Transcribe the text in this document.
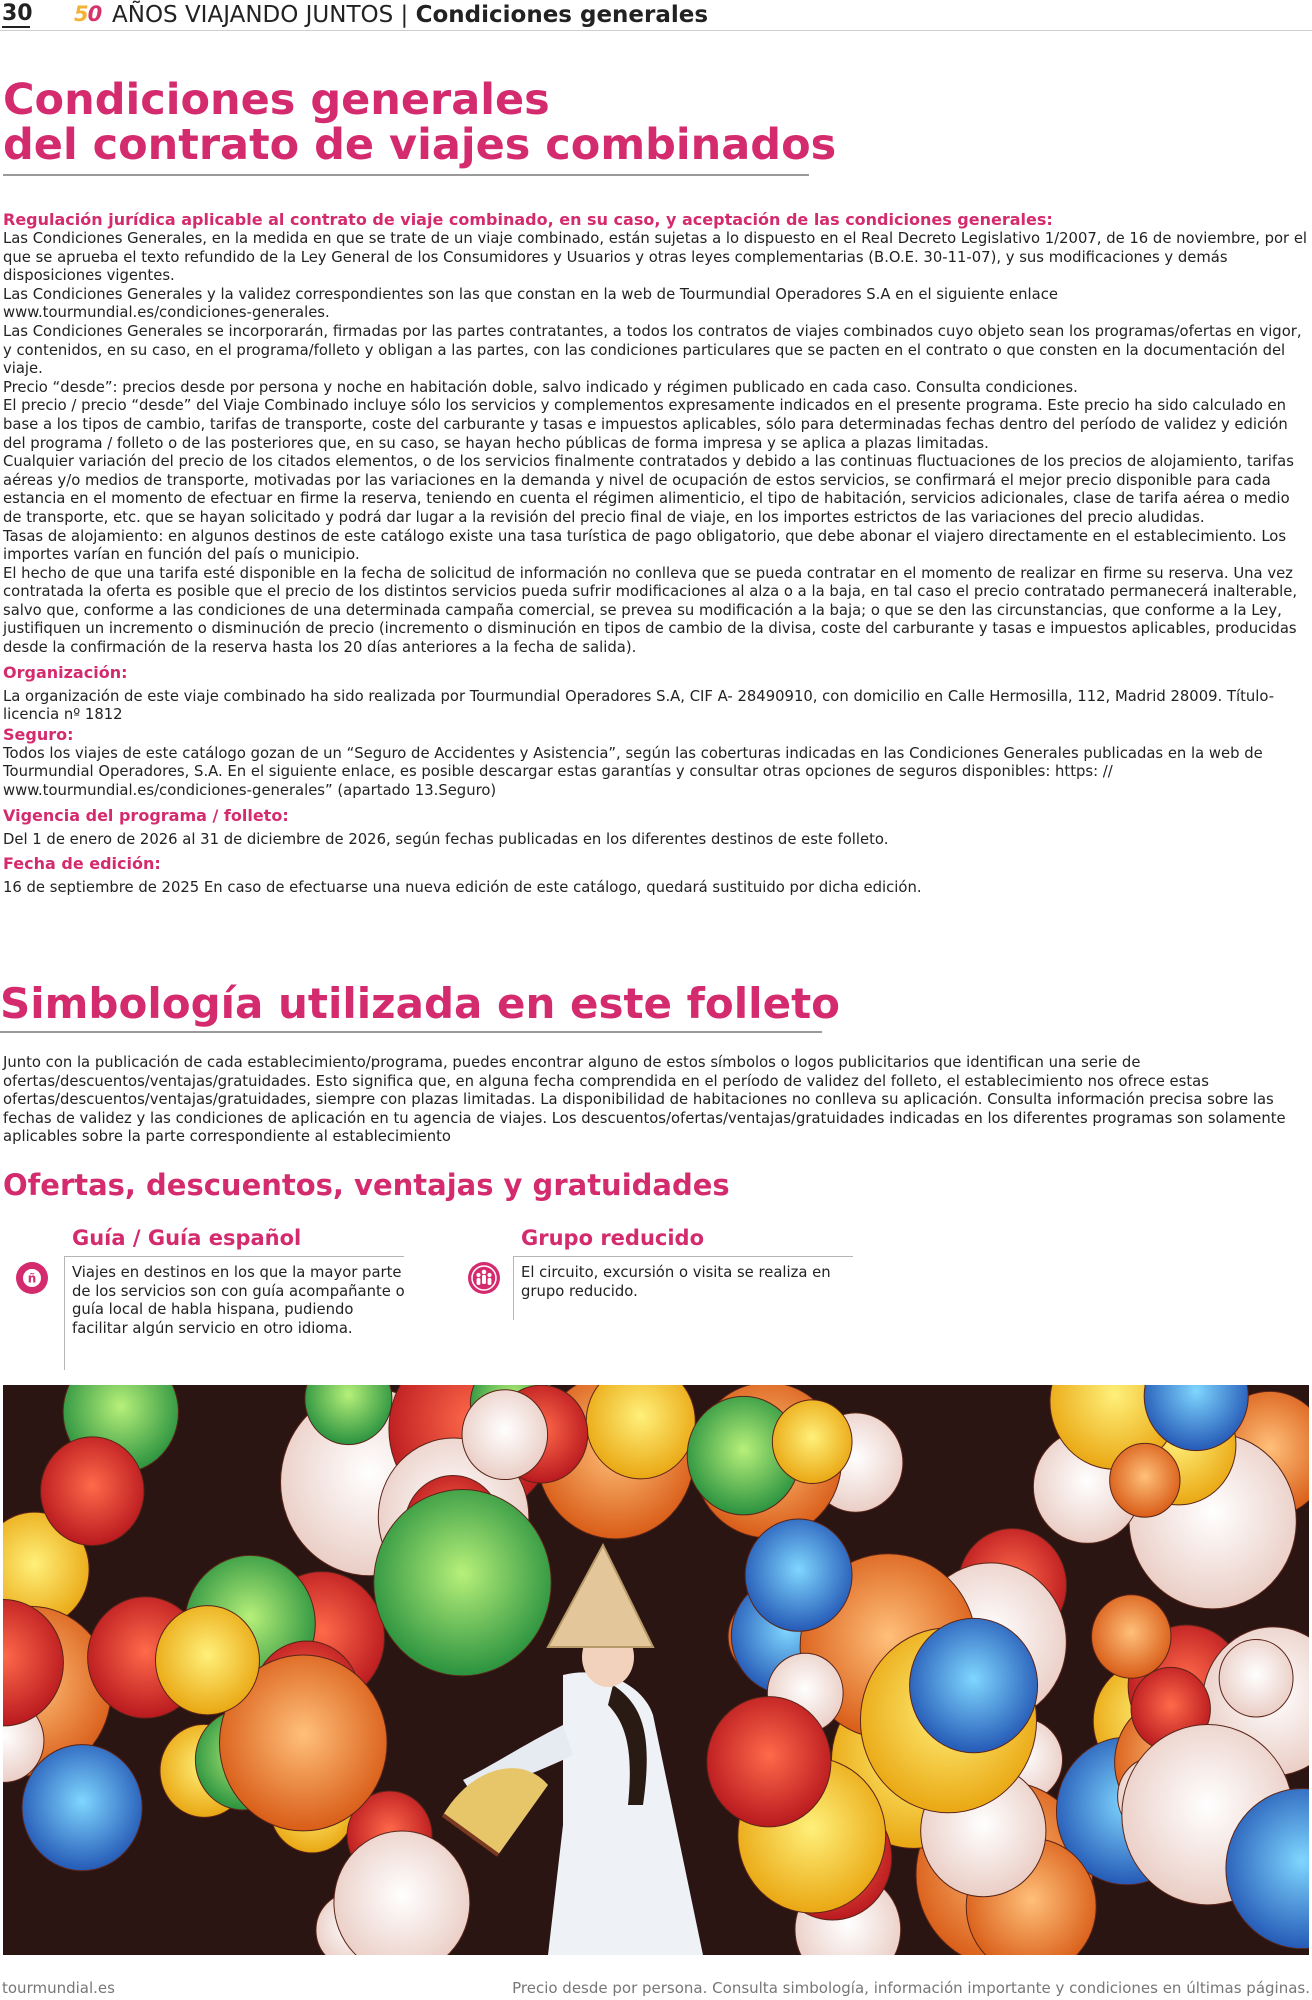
30 50 AÑOS VIAJANDO JUNTOS | Condiciones generales
Condiciones generales
del contrato de viajes combinados

Regulación jurídica aplicable al contrato de viaje combinado, en su caso, y aceptación de las condiciones generales:

Las Condiciones Generales, en la medida en que se trate de un viaje combinado, están sujetas a lo dispuesto en el Real Decreto Legislativo 1/2007, de 16 de noviembre, por el que se aprueba el texto refundido de la Ley General de los Consumidores y Usuarios y otras leyes complementarias (B.O.E. 30-11-07), y sus modificaciones y demás disposiciones vigentes.

Las Condiciones Generales y la validez correspondientes son las que constan en la web de Tourmundial Operadores S.A en el siguiente enlace www.tourmundial.es/condiciones-generales.

Las Condiciones Generales se incorporarán, firmadas por las partes contratantes, a todos los contratos de viajes combinados cuyo objeto sean los programas/ofertas en vigor, y contenidos, en su caso, en el programa/folleto y obligan a las partes, con las condiciones particulares que se pacten en el contrato o que consten en la documentación del viaje.

Precio “desde”: precios desde por persona y noche en habitación doble, salvo indicado y régimen publicado en cada caso. Consulta condiciones.

El precio / precio “desde” del Viaje Combinado incluye sólo los servicios y complementos expresamente indicados en el presente programa. Este precio ha sido calculado en base a los tipos de cambio, tarifas de transporte, coste del carburante y tasas e impuestos aplicables, sólo para determinadas fechas dentro del período de validez y edición del programa / folleto o de las posteriores que, en su caso, se hayan hecho públicas de forma impresa y se aplica a plazas limitadas.

Cualquier variación del precio de los citados elementos, o de los servicios finalmente contratados y debido a las continuas fluctuaciones de los precios de alojamiento, tarifas aéreas y/o medios de transporte, motivadas por las variaciones en la demanda y nivel de ocupación de estos servicios, se confirmará el mejor precio disponible para cada estancia en el momento de efectuar en firme la reserva, teniendo en cuenta el régimen alimenticio, el tipo de habitación, servicios adicionales, clase de tarifa aérea o medio de transporte, etc. que se hayan solicitado y podrá dar lugar a la revisión del precio final de viaje, en los importes estrictos de las variaciones del precio aludidas.

Tasas de alojamiento: en algunos destinos de este catálogo existe una tasa turística de pago obligatorio, que debe abonar el viajero directamente en el establecimiento. Los importes varían en función del país o municipio.

El hecho de que una tarifa esté disponible en la fecha de solicitud de información no conlleva que se pueda contratar en el momento de realizar en firme su reserva. Una vez contratada la oferta es posible que el precio de los distintos servicios pueda sufrir modificaciones al alza o a la baja, en tal caso el precio contratado permanecerá inalterable, salvo que, conforme a las condiciones de una determinada campaña comercial, se prevea su modificación a la baja; o que se den las circunstancias, que conforme a la Ley, justifiquen un incremento o disminución de precio (incremento o disminución en tipos de cambio de la divisa, coste del carburante y tasas e impuestos aplicables, producidas desde la confirmación de la reserva hasta los 20 días anteriores a la fecha de salida).

Organización:

La organización de este viaje combinado ha sido realizada por Tourmundial Operadores S.A, CIF A- 28490910, con domicilio en Calle Hermosilla, 112, Madrid 28009. Título-licencia nº 1812

Seguro:

Todos los viajes de este catálogo gozan de un “Seguro de Accidentes y Asistencia”, según las coberturas indicadas en las Condiciones Generales publicadas en la web de Tourmundial Operadores, S.A. En el siguiente enlace, es posible descargar estas garantías y consultar otras opciones de seguros disponibles: https: // www.tourmundial.es/condiciones-generales” (apartado 13.Seguro)

Vigencia del programa / folleto:

Del 1 de enero de 2026 al 31 de diciembre de 2026, según fechas publicadas en los diferentes destinos de este folleto.

Fecha de edición:

16 de septiembre de 2025 En caso de efectuarse una nueva edición de este catálogo, quedará sustituido por dicha edición.

Simbología utilizada en este folleto

Junto con la publicación de cada establecimiento/programa, puedes encontrar alguno de estos símbolos o logos publicitarios que identifican una serie de ofertas/descuentos/ventajas/gratuidades. Esto significa que, en alguna fecha comprendida en el período de validez del folleto, el establecimiento nos ofrece estas ofertas/descuentos/ventajas/gratuidades, siempre con plazas limitadas. La disponibilidad de habitaciones no conlleva su aplicación. Consulta información precisa sobre las fechas de validez y las condiciones de aplicación en tu agencia de viajes. Los descuentos/ofertas/ventajas/gratuidades indicadas en los diferentes programas son solamente aplicables sobre la parte correspondiente al establecimiento

Ofertas, descuentos, ventajas y gratuidades
ñ
Guía / Guía español

Viajes en destinos en los que la mayor parte de los servicios son con guía acompañante o guía local de habla hispana, pudiendo facilitar algún servicio en otro idioma.

Grupo reducido

El circuito, excursión o visita se realiza en grupo reducido.

tourmundial.es	Precio desde por persona. Consulta simbología, información importante y condiciones en últimas páginas.
